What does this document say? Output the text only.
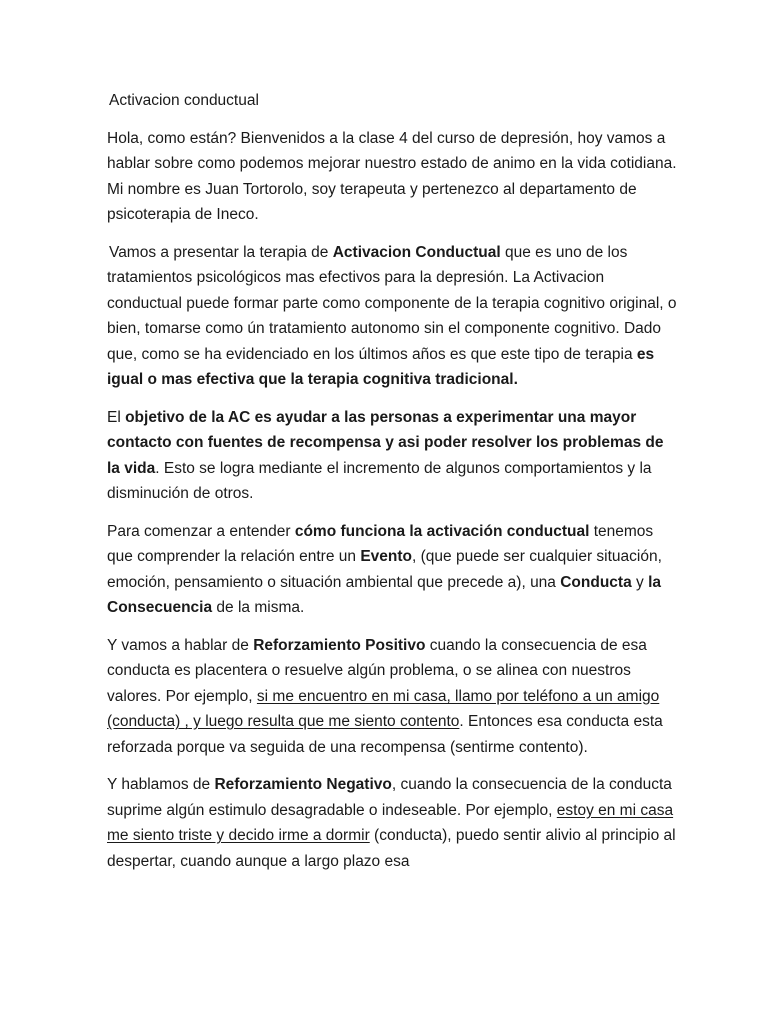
Activacion conductual

Hola, como están? Bienvenidos a la clase 4 del curso de depresión, hoy vamos a hablar sobre como podemos mejorar nuestro estado de animo en la vida cotidiana. Mi nombre es Juan Tortorolo, soy terapeuta y pertenezco al departamento de psicoterapia de Ineco.

Vamos a presentar la terapia de Activacion Conductual que es uno de los tratamientos psicológicos mas efectivos para la depresión. La Activacion conductual puede formar parte como componente de la terapia cognitivo original, o bien, tomarse como ún tratamiento autonomo sin el componente cognitivo. Dado que, como se ha evidenciado en los últimos años es que este tipo de terapia es igual o mas efectiva que la terapia cognitiva tradicional.

El objetivo de la AC es ayudar a las personas a experimentar una mayor contacto con fuentes de recompensa y asi poder resolver los problemas de la vida. Esto se logra mediante el incremento de algunos comportamientos y la disminución de otros.

Para comenzar a entender cómo funciona la activación conductual tenemos que comprender la relación entre un Evento, (que puede ser cualquier situación, emoción, pensamiento o situación ambiental que precede a), una Conducta y la Consecuencia de la misma.

Y vamos a hablar de Reforzamiento Positivo cuando la consecuencia de esa conducta es placentera o resuelve algún problema, o se alinea con nuestros valores. Por ejemplo, si me encuentro en mi casa, llamo por teléfono a un amigo (conducta) , y luego resulta que me siento contento. Entonces esa conducta esta reforzada porque va seguida de una recompensa (sentirme contento).

Y hablamos de Reforzamiento Negativo, cuando la consecuencia de la conducta suprime algún estimulo desagradable o indeseable. Por ejemplo, estoy en mi casa me siento triste y decido irme a dormir (conducta), puedo sentir alivio al principio al despertar, cuando aunque a largo plazo esa
